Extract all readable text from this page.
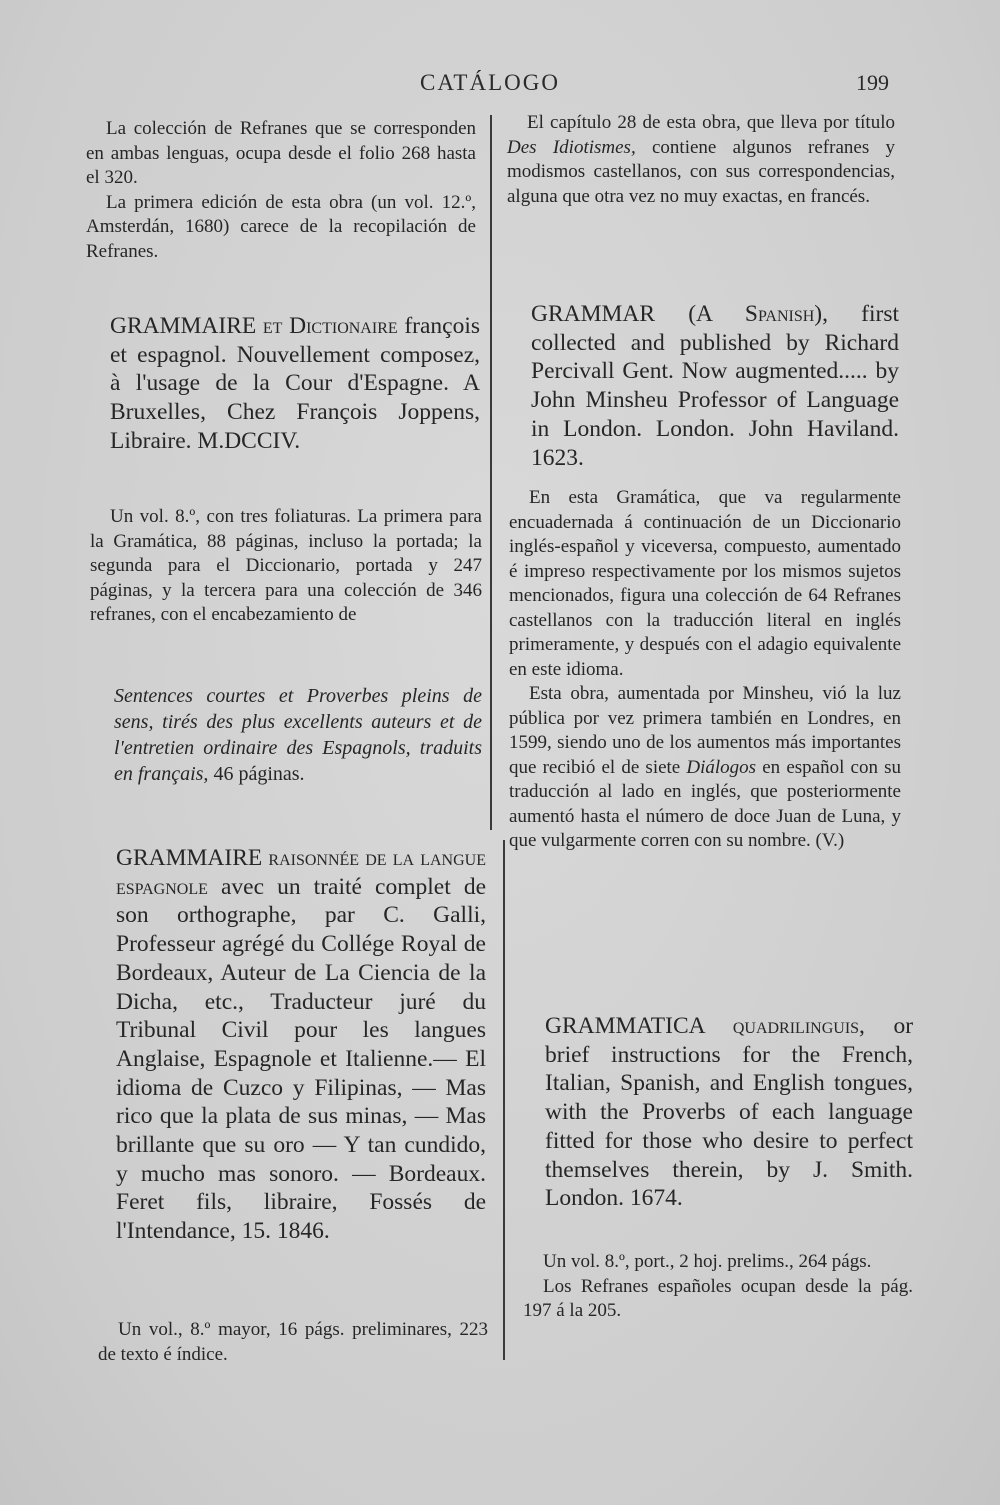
CATÁLOGO	199

La colección de Refranes que se corresponden en ambas lenguas, ocupa desde el folio 268 hasta el 320.

La primera edición de esta obra (un vol. 12.º, Amsterdán, 1680) carece de la recopilación de Refranes.

GRAMMAIRE et Dictionaire françois et espagnol. Nouvellement composez, à l'usage de la Cour d'Espagne. A Bruxelles, Chez François Joppens, Libraire. M.DCCIV.

Un vol. 8.º, con tres foliaturas. La primera para la Gramática, 88 páginas, incluso la portada; la segunda para el Diccionario, portada y 247 páginas, y la tercera para una colección de 346 refranes, con el encabezamiento de

Sentences courtes et Proverbes pleins de sens, tirés des plus excellents auteurs et de l'entretien ordinaire des Espagnols, traduits en français, 46 páginas.

GRAMMAIRE raisonnée de la langue espagnole avec un traité complet de son orthographe, par C. Galli, Professeur agrégé du Collége Royal de Bordeaux, Auteur de La Ciencia de la Dicha, etc., Traducteur juré du Tribunal Civil pour les langues Anglaise, Espagnole et Italienne.— El idioma de Cuzco y Filipinas, — Mas rico que la plata de sus minas, — Mas brillante que su oro — Y tan cundido, y mucho mas sonoro. — Bordeaux. Feret fils, libraire, Fossés de l'Intendance, 15. 1846.

Un vol., 8.º mayor, 16 págs. preliminares, 223 de texto é índice.

El capítulo 28 de esta obra, que lleva por título Des Idiotismes, contiene algunos refranes y modismos castellanos, con sus correspondencias, alguna que otra vez no muy exactas, en francés.

GRAMMAR (A Spanish), first collected and published by Richard Percivall Gent. Now augmented..... by John Minsheu Professor of Language in London. London. John Haviland. 1623.

En esta Gramática, que va regularmente encuadernada á continuación de un Diccionario inglés-español y viceversa, compuesto, aumentado é impreso respectivamente por los mismos sujetos mencionados, figura una colección de 64 Refranes castellanos con la traducción literal en inglés primeramente, y después con el adagio equivalente en este idioma.

Esta obra, aumentada por Minsheu, vió la luz pública por vez primera también en Londres, en 1599, siendo uno de los aumentos más importantes que recibió el de siete Diálogos en español con su traducción al lado en inglés, que posteriormente aumentó hasta el número de doce Juan de Luna, y que vulgarmente corren con su nombre. (V.)

GRAMMATICA quadrilinguis, or brief instructions for the French, Italian, Spanish, and English tongues, with the Proverbs of each language fitted for those who desire to perfect themselves therein, by J. Smith. London. 1674.

Un vol. 8.º, port., 2 hoj. prelims., 264 págs.

Los Refranes españoles ocupan desde la pág. 197 á la 205.
